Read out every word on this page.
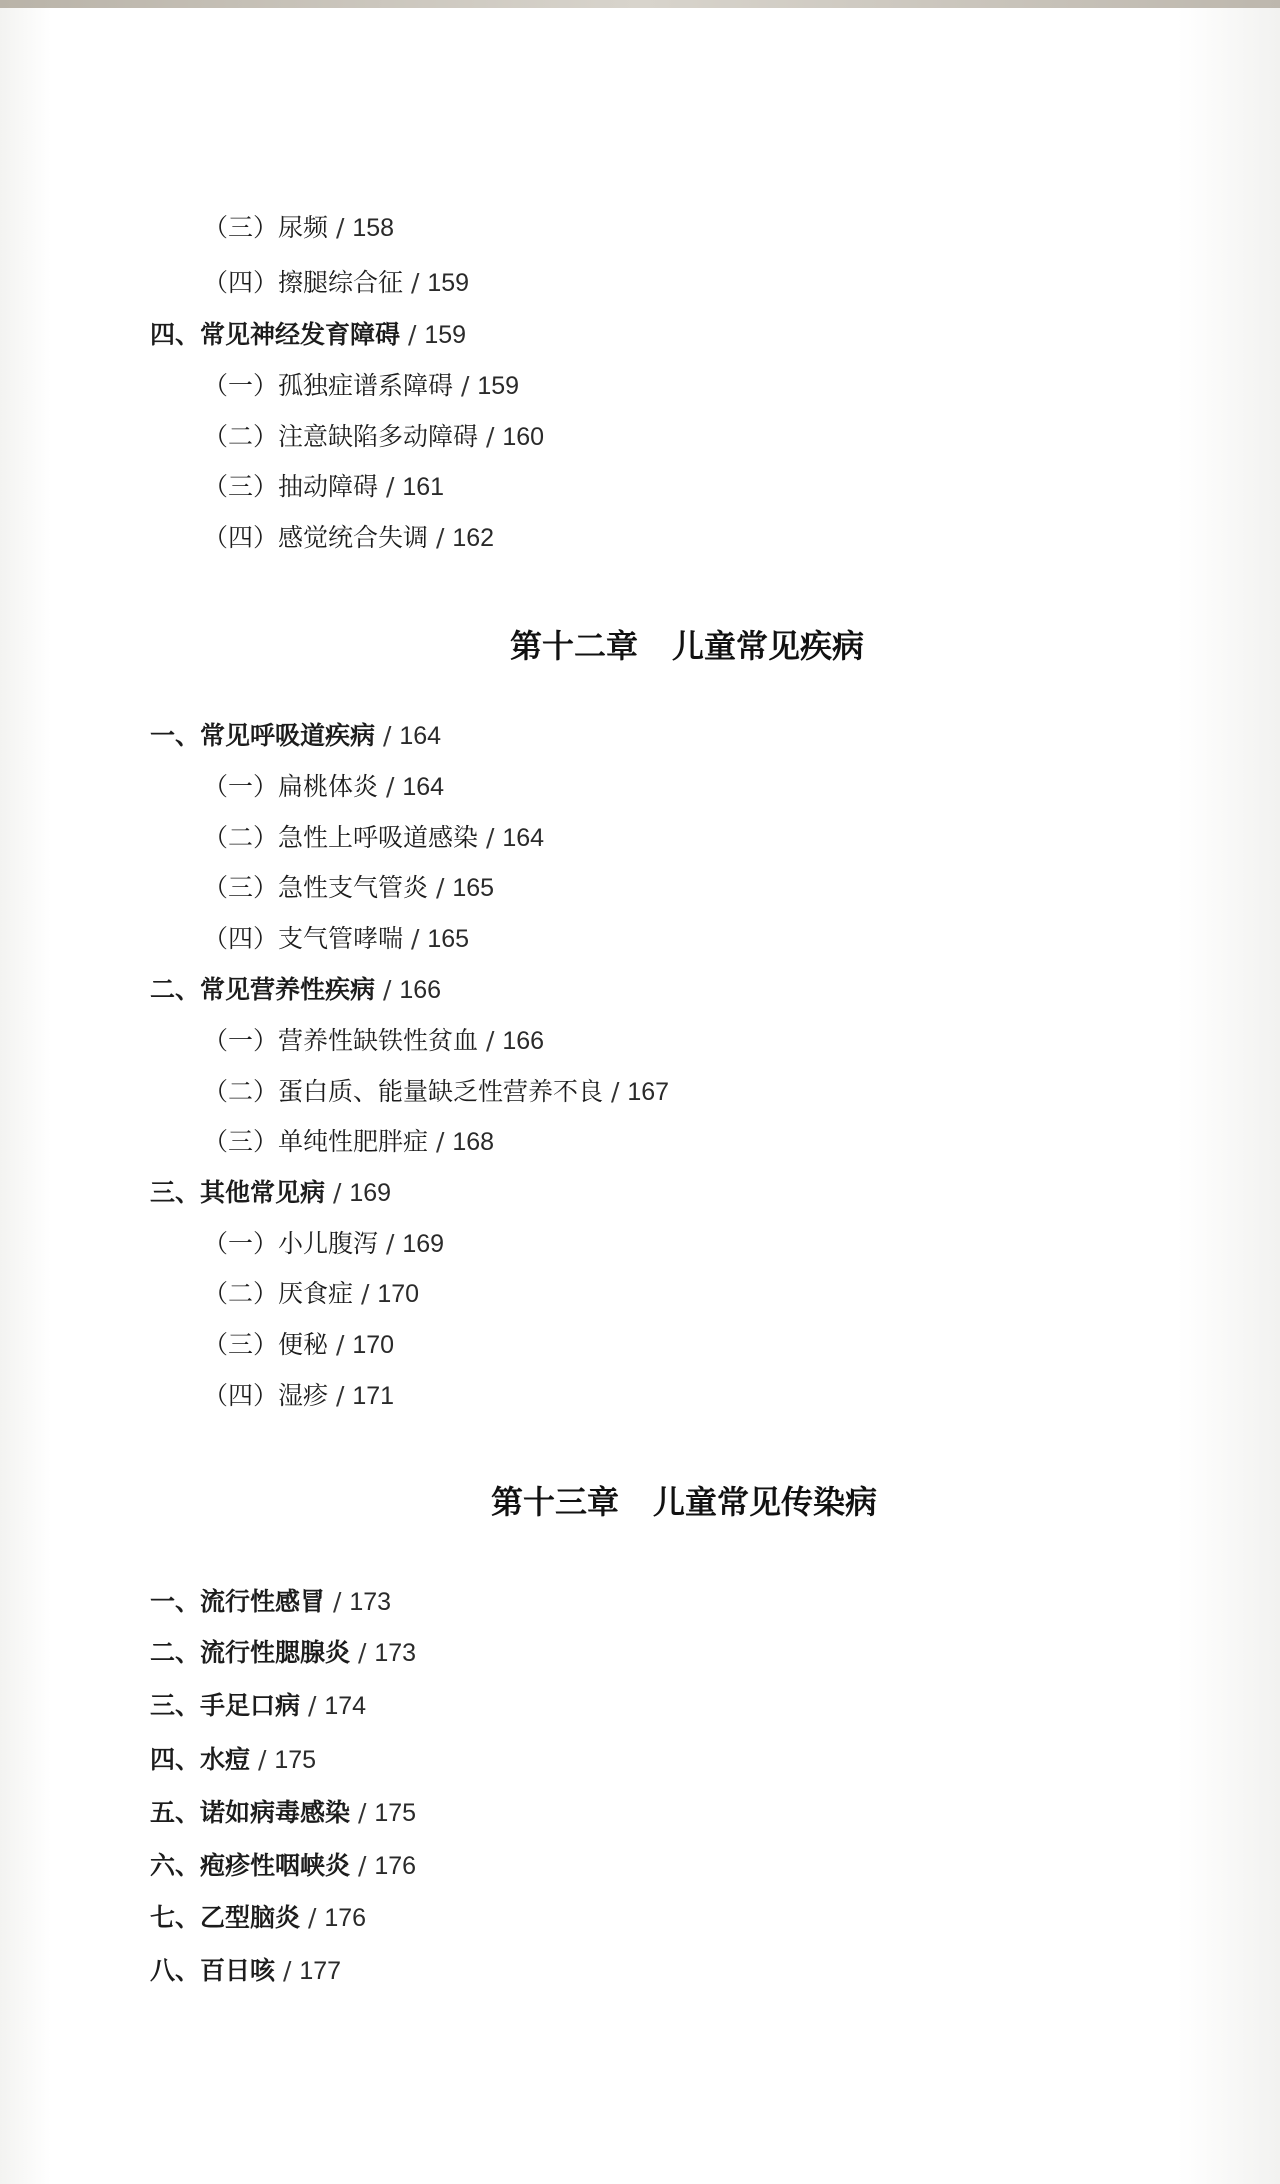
（三）尿频 / 158
（四）擦腿综合征 / 159
四、常见神经发育障碍 / 159
（一）孤独症谱系障碍 / 159
（二）注意缺陷多动障碍 / 160
（三）抽动障碍 / 161
（四）感觉统合失调 / 162
第十二章 儿童常见疾病
一、常见呼吸道疾病 / 164
（一）扁桃体炎 / 164
（二）急性上呼吸道感染 / 164
（三）急性支气管炎 / 165
（四）支气管哮喘 / 165
二、常见营养性疾病 / 166
（一）营养性缺铁性贫血 / 166
（二）蛋白质、能量缺乏性营养不良 / 167
（三）单纯性肥胖症 / 168
三、其他常见病 / 169
（一）小儿腹泻 / 169
（二）厌食症 / 170
（三）便秘 / 170
（四）湿疹 / 171
第十三章 儿童常见传染病
一、流行性感冒 / 173
二、流行性腮腺炎 / 173
三、手足口病 / 174
四、水痘 / 175
五、诺如病毒感染 / 175
六、疱疹性咽峡炎 / 176
七、乙型脑炎 / 176
八、百日咳 / 177
